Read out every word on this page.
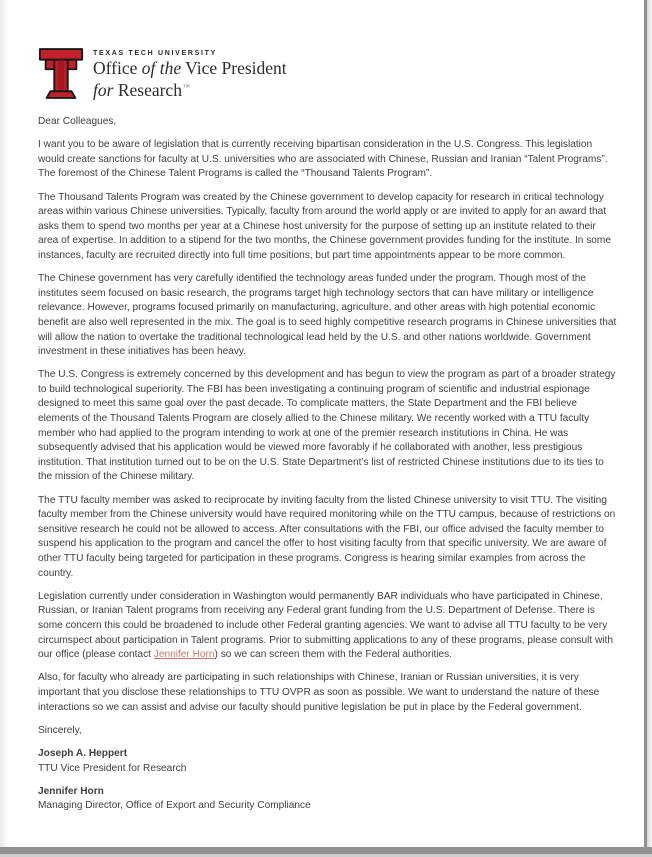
TEXAS TECH UNIVERSITY
Office of the Vice President
for Research™

Dear Colleagues,

I want you to be aware of legislation that is currently receiving bipartisan consideration in the U.S. Congress. This legislation would create sanctions for faculty at U.S. universities who are associated with Chinese, Russian and Iranian “Talent Programs”. The foremost of the Chinese Talent Programs is called the “Thousand Talents Program”.

The Thousand Talents Program was created by the Chinese government to develop capacity for research in critical technology areas within various Chinese universities. Typically, faculty from around the world apply or are invited to apply for an award that asks them to spend two months per year at a Chinese host university for the purpose of setting up an institute related to their area of expertise. In addition to a stipend for the two months, the Chinese government provides funding for the institute. In some instances, faculty are recruited directly into full time positions, but part time appointments appear to be more common.

The Chinese government has very carefully identified the technology areas funded under the program. Though most of the institutes seem focused on basic research, the programs target high technology sectors that can have military or intelligence relevance. However, programs focused primarily on manufacturing, agriculture, and other areas with high potential economic benefit are also well represented in the mix. The goal is to seed highly competitive research programs in Chinese universities that will allow the nation to overtake the traditional technological lead held by the U.S. and other nations worldwide. Government investment in these initiatives has been heavy.

The U.S. Congress is extremely concerned by this development and has begun to view the program as part of a broader strategy to build technological superiority. The FBI has been investigating a continuing program of scientific and industrial espionage designed to meet this same goal over the past decade. To complicate matters, the State Department and the FBI believe elements of the Thousand Talents Program are closely allied to the Chinese military. We recently worked with a TTU faculty member who had applied to the program intending to work at one of the premier research institutions in China. He was subsequently advised that his application would be viewed more favorably if he collaborated with another, less prestigious institution. That institution turned out to be on the U.S. State Department’s list of restricted Chinese institutions due to its ties to the mission of the Chinese military.

The TTU faculty member was asked to reciprocate by inviting faculty from the listed Chinese university to visit TTU. The visiting faculty member from the Chinese university would have required monitoring while on the TTU campus, because of restrictions on sensitive research he could not be allowed to access. After consultations with the FBI, our office advised the faculty member to suspend his application to the program and cancel the offer to host visiting faculty from that specific university. We are aware of other TTU faculty being targeted for participation in these programs. Congress is hearing similar examples from across the country.

Legislation currently under consideration in Washington would permanently BAR individuals who have participated in Chinese, Russian, or Iranian Talent programs from receiving any Federal grant funding from the U.S. Department of Defense. There is some concern this could be broadened to include other Federal granting agencies. We want to advise all TTU faculty to be very circumspect about participation in Talent programs. Prior to submitting applications to any of these programs, please consult with our office (please contact Jennifer Horn) so we can screen them with the Federal authorities.

Also, for faculty who already are participating in such relationships with Chinese, Iranian or Russian universities, it is very important that you disclose these relationships to TTU OVPR as soon as possible. We want to understand the nature of these interactions so we can assist and advise our faculty should punitive legislation be put in place by the Federal government.

Sincerely,

Joseph A. Heppert
TTU Vice President for Research
Jennifer Horn
Managing Director, Office of Export and Security Compliance
